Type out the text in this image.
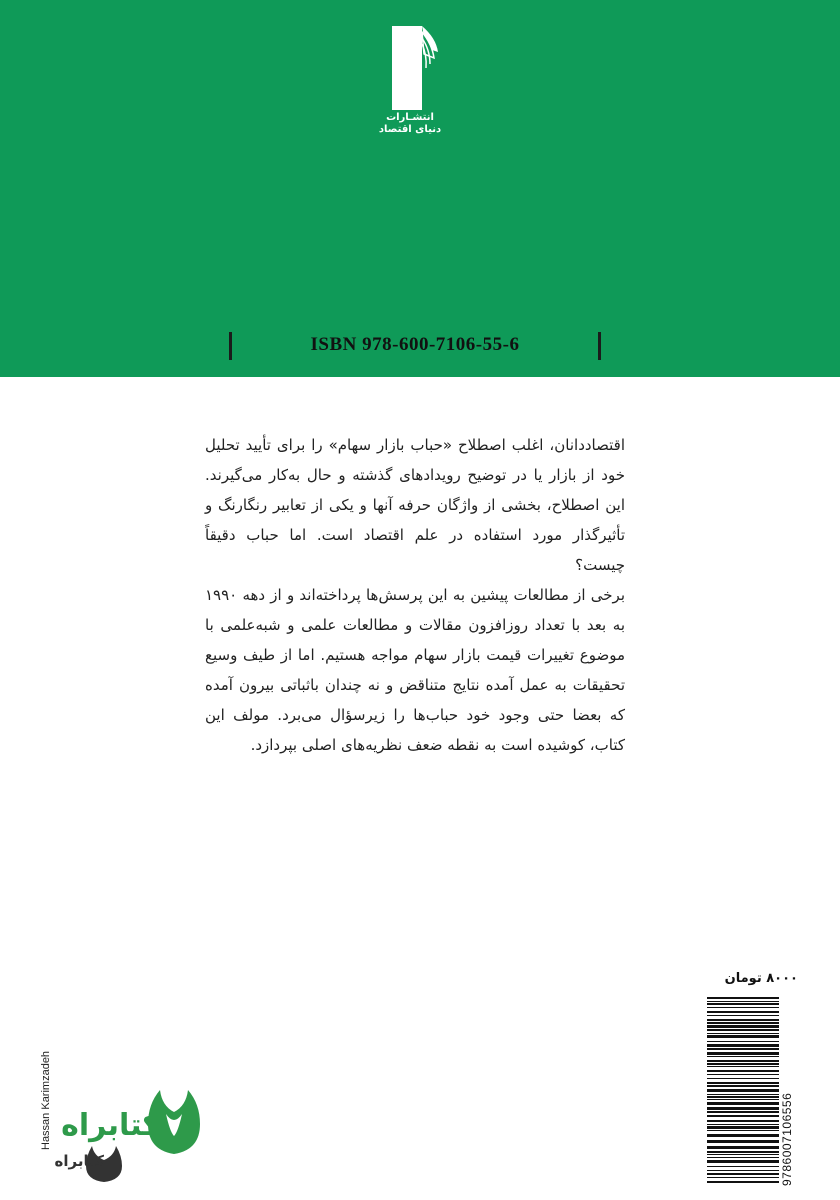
انتشـارات
دنیای اقتصاد
ISBN 978-600-7106-55-6

اقتصاددانان، اغلب اصطلاح «حباب بازار سهام» را برای تأیید تحلیل خود از بازار یا در توضیح رویدادهای گذشته و حال به‌کار می‌گیرند. این اصطلاح، بخشی از واژگان حرفه آنها و یکی از تعابیر رنگارنگ و تأثیرگذار مورد استفاده در علم اقتصاد است. اما حباب دقیقاً چیست؟

برخی از مطالعات پیشین به این پرسش‌ها پرداخته‌اند و از دهه ۱۹۹۰ به بعد با تعداد روزافزون مقالات و مطالعات علمی و شبه‌علمی با موضوع تغییرات قیمت بازار سهام مواجه هستیم. اما از طیف وسیع تحقیقات به عمل آمده نتایج متناقض و نه چندان باثباتی بیرون آمده که بعضا حتی وجود خود حباب‌ها را زیرسؤال می‌برد. مولف این کتاب، کوشیده است به نقطه ضعف نظریه‌های اصلی بپردازد.

۸۰۰۰ تومان
9786007106556
Hassan Karimzadeh کتابراه
کتابراه
